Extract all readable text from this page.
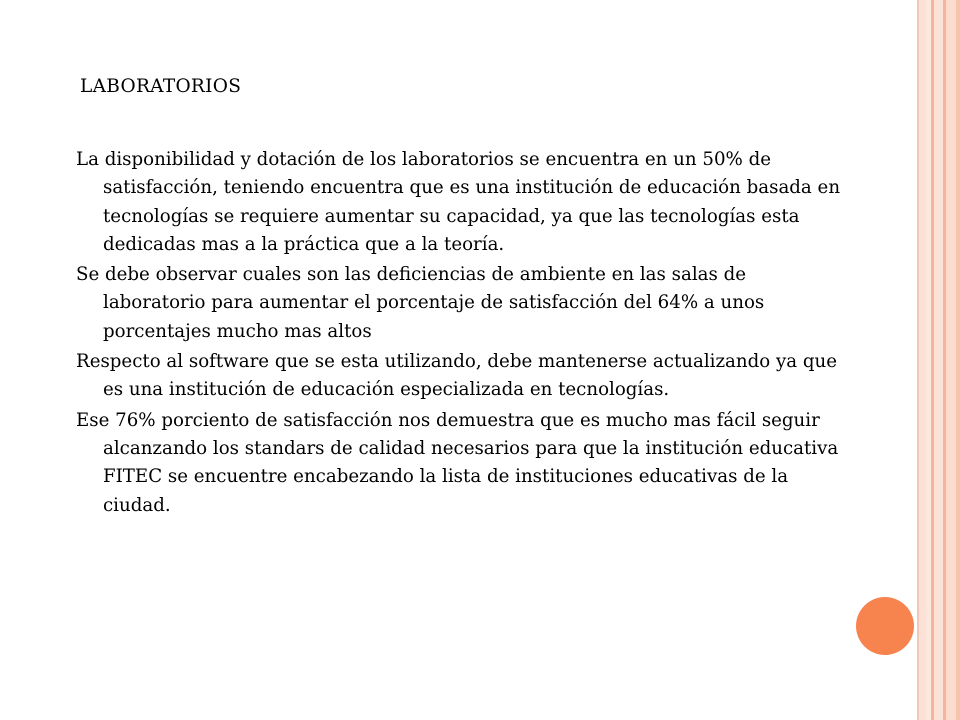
LABORATORIOS
La disponibilidad y dotación de los laboratorios se encuentra en un 50% de satisfacción, teniendo encuentra que es una institución de educación basada en tecnologías se requiere aumentar su capacidad, ya que las tecnologías esta dedicadas mas a la práctica que a la teoría.
Se debe observar cuales son las deficiencias de ambiente en las salas de laboratorio para aumentar el porcentaje de satisfacción del 64% a unos porcentajes mucho mas altos
Respecto al software que se esta utilizando, debe mantenerse actualizando ya que es una institución de educación especializada en tecnologías.
Ese 76% porciento de satisfacción nos demuestra que es mucho mas fácil seguir alcanzando los standars de calidad necesarios para que la institución educativa FITEC se encuentre encabezando la lista de instituciones educativas de la ciudad.
